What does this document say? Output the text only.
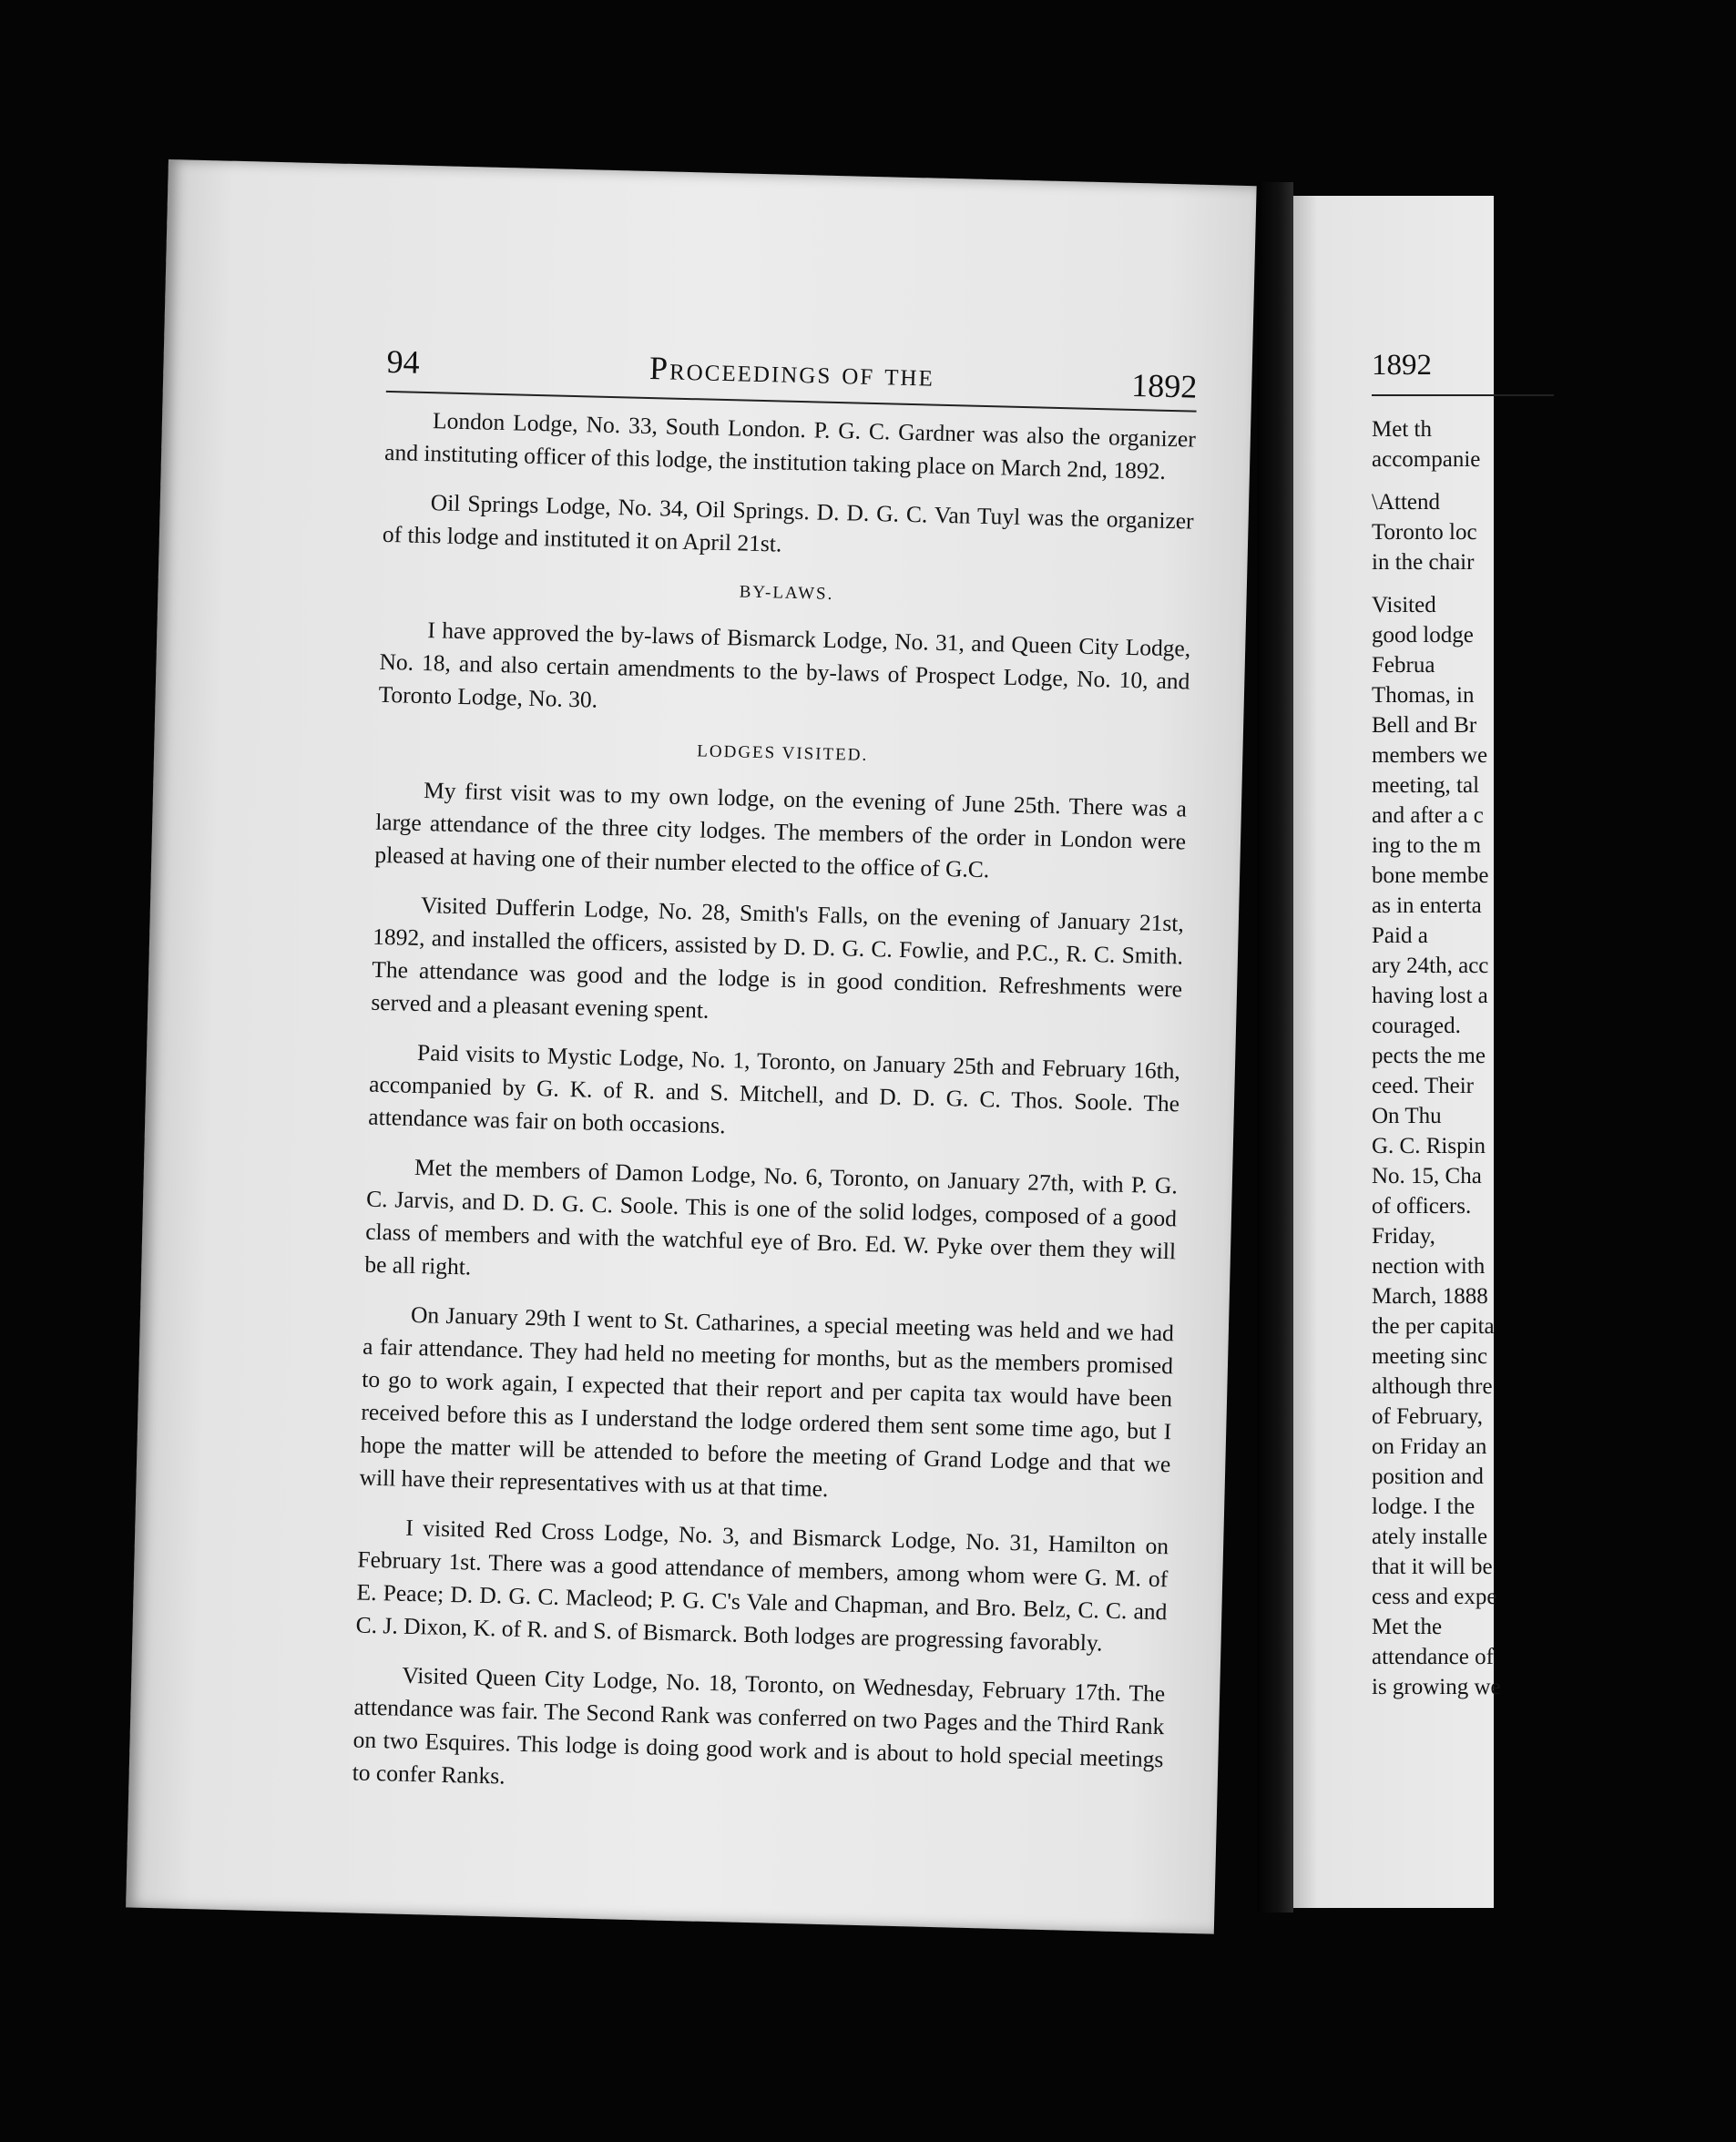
94	Proceedings of the	1892

London Lodge, No. 33, South London. P. G. C. Gardner was also the organizer and instituting officer of this lodge, the institution taking place on March 2nd, 1892.

Oil Springs Lodge, No. 34, Oil Springs. D. D. G. C. Van Tuyl was the organizer of this lodge and instituted it on April 21st.

BY-LAWS.

I have approved the by-laws of Bismarck Lodge, No. 31, and Queen City Lodge, No. 18, and also certain amendments to the by-laws of Prospect Lodge, No. 10, and Toronto Lodge, No. 30.

LODGES VISITED.

My first visit was to my own lodge, on the evening of June 25th. There was a large attendance of the three city lodges. The members of the order in London were pleased at having one of their number elected to the office of G.C.

Visited Dufferin Lodge, No. 28, Smith's Falls, on the evening of January 21st, 1892, and installed the officers, assisted by D. D. G. C. Fowlie, and P.C., R. C. Smith. The attendance was good and the lodge is in good condition. Refreshments were served and a pleasant evening spent.

Paid visits to Mystic Lodge, No. 1, Toronto, on January 25th and February 16th, accompanied by G. K. of R. and S. Mitchell, and D. D. G. C. Thos. Soole. The attendance was fair on both occasions.

Met the members of Damon Lodge, No. 6, Toronto, on January 27th, with P. G. C. Jarvis, and D. D. G. C. Soole. This is one of the solid lodges, composed of a good class of members and with the watchful eye of Bro. Ed. W. Pyke over them they will be all right.

On January 29th I went to St. Catharines, a special meeting was held and we had a fair attendance. They had held no meeting for months, but as the members promised to go to work again, I expected that their report and per capita tax would have been received before this as I understand the lodge ordered them sent some time ago, but I hope the matter will be attended to before the meeting of Grand Lodge and that we will have their representatives with us at that time.

I visited Red Cross Lodge, No. 3, and Bismarck Lodge, No. 31, Hamilton on February 1st. There was a good attendance of members, among whom were G. M. of E. Peace; D. D. G. C. Macleod; P. G. C's Vale and Chapman, and Bro. Belz, C. C. and C. J. Dixon, K. of R. and S. of Bismarck. Both lodges are progressing favorably.

Visited Queen City Lodge, No. 18, Toronto, on Wednesday, February 17th. The attendance was fair. The Second Rank was conferred on two Pages and the Third Rank on two Esquires. This lodge is doing good work and is about to hold special meetings to confer Ranks.

1892
Met th
accompanie
\Attend
Toronto loc
in the chair
Visited
good lodge
Februa
Thomas, in
Bell and Br
members we
meeting, tal
and after a c
ing to the m
bone membe
as in enterta
Paid a
ary 24th, acc
having lost a
couraged.
pects the me
ceed. Their
On Thu
G. C. Rispin
No. 15, Cha
of officers.
Friday,
nection with
March, 1888
the per capita
meeting sinc
although thre
of February,
on Friday an
position and
lodge. I the
ately installe
that it will be
cess and expe
Met the
attendance of
is growing we
